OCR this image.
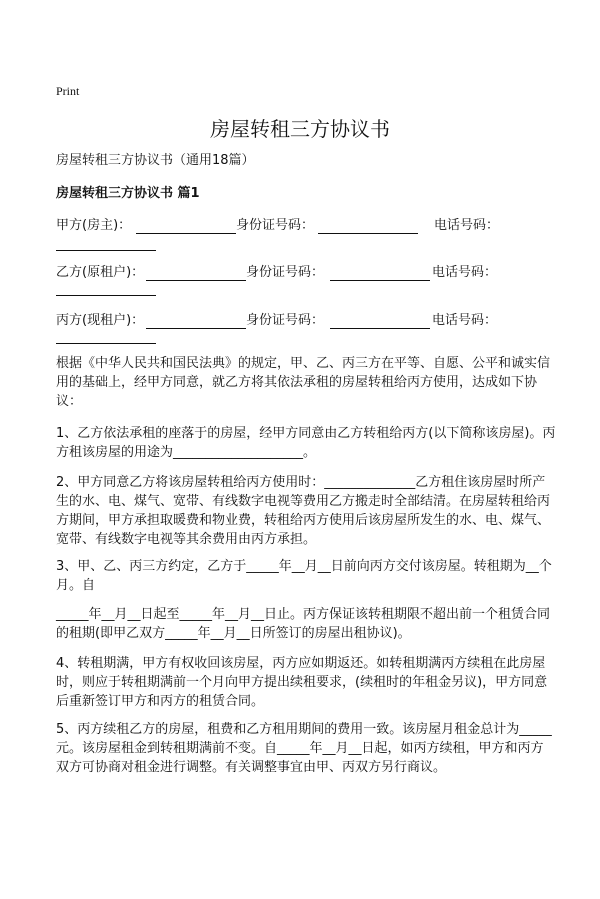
Print
房屋转租三方协议书
房屋转租三方协议书（通用18篇）
房屋转租三方协议书 篇1
甲方(房主)：	身份证号码：	电话号码：
乙方(原租户)：	身份证号码：	电话号码：
丙方(现租户)：	身份证号码：	电话号码：

根据《中华人民共和国民法典》的规定，甲、乙、丙三方在平等、自愿、公平和诚实信用的基础上，经甲方同意，就乙方将其依法承租的房屋转租给丙方使用，达成如下协议：

1、乙方依法承租的座落于的房屋，经甲方同意由乙方转租给丙方(以下简称该房屋)。丙方租该房屋的用途为____________________。

2、甲方同意乙方将该房屋转租给丙方使用时：______________乙方租住该房屋时所产生的水、电、煤气、宽带、有线数字电视等费用乙方搬走时全部结清。在房屋转租给丙方期间，甲方承担取暖费和物业费，转租给丙方使用后该房屋所发生的水、电、煤气、宽带、有线数字电视等其余费用由丙方承担。

3、甲、乙、丙三方约定，乙方于_____年__月__日前向丙方交付该房屋。转租期为__个月。自

_____年__月__日起至_____年__月__日止。丙方保证该转租期限不超出前一个租赁合同的租期(即甲乙双方_____年__月__日所签订的房屋出租协议)。

4、转租期满，甲方有权收回该房屋，丙方应如期返还。如转租期满丙方续租在此房屋时，则应于转租期满前一个月向甲方提出续租要求，(续租时的年租金另议)，甲方同意后重新签订甲方和丙方的租赁合同。

5、丙方续租乙方的房屋，租费和乙方租用期间的费用一致。该房屋月租金总计为_____元。该房屋租金到转租期满前不变。自_____年__月__日起，如丙方续租，甲方和丙方双方可协商对租金进行调整。有关调整事宜由甲、丙双方另行商议。
